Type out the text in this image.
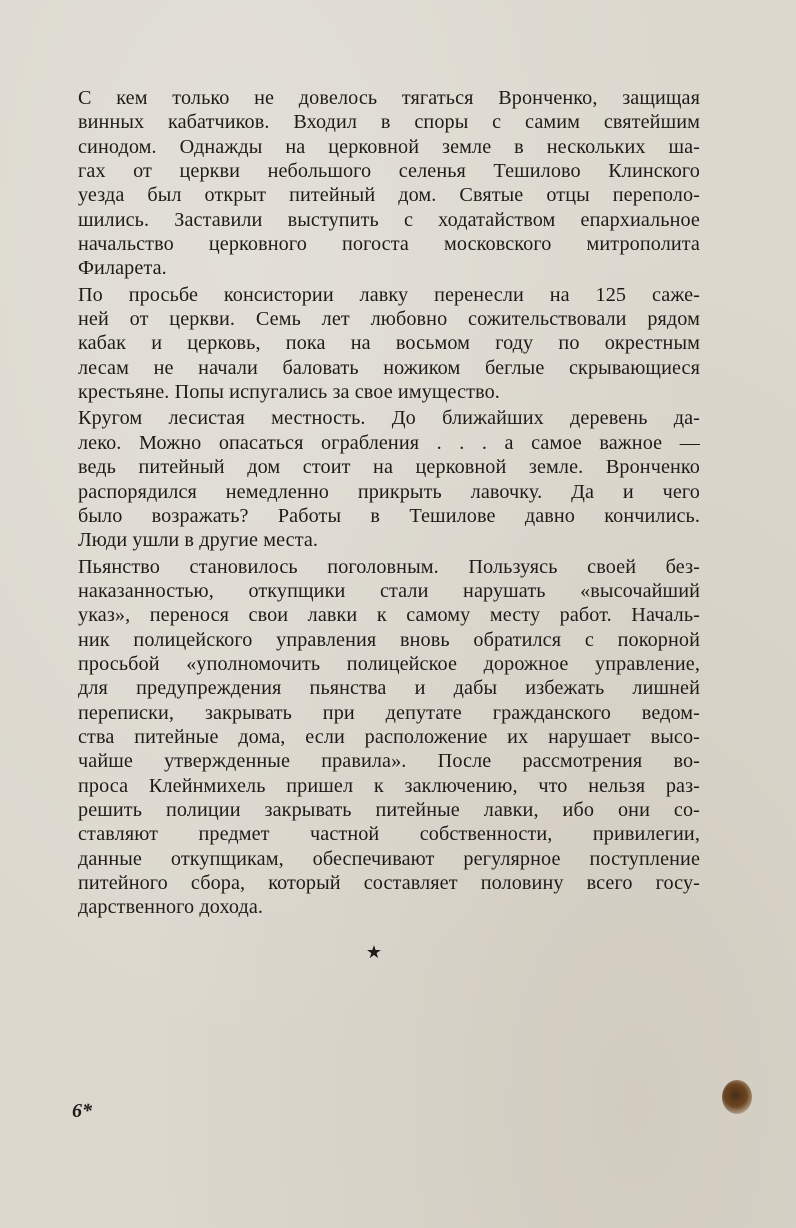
С кем только не довелось тягаться Вронченко, защищая
винных кабатчиков. Входил в споры с самим святейшим
синодом. Однажды на церковной земле в нескольких ша-
гах от церкви небольшого селенья Тешилово Клинского
уезда был открыт питейный дом. Святые отцы переполо-
шились. Заставили выступить с ходатайством епархиальное
начальство церковного погоста московского митрополита
Филарета.
По просьбе консистории лавку перенесли на 125 саже-
ней от церкви. Семь лет любовно сожительствовали рядом
кабак и церковь, пока на восьмом году по окрестным
лесам не начали баловать ножиком беглые скрывающиеся
крестьяне. Попы испугались за свое имущество.
Кругом лесистая местность. До ближайших деревень да-
леко. Можно опасаться ограбления . . . а самое важное —
ведь питейный дом стоит на церковной земле. Вронченко
распорядился немедленно прикрыть лавочку. Да и чего
было возражать? Работы в Тешилове давно кончились.
Люди ушли в другие места.
Пьянство становилось поголовным. Пользуясь своей без-
наказанностью, откупщики стали нарушать «высочайший
указ», перенося свои лавки к самому месту работ. Началь-
ник полицейского управления вновь обратился с покорной
просьбой «уполномочить полицейское дорожное управление,
для предупреждения пьянства и дабы избежать лишней
переписки, закрывать при депутате гражданского ведом-
ства питейные дома, если расположение их нарушает высо-
чайше утвержденные правила». После рассмотрения во-
проса Клейнмихель пришел к заключению, что нельзя раз-
решить полиции закрывать питейные лавки, ибо они со-
ставляют предмет частной собственности, привилегии,
данные откупщикам, обеспечивают регулярное поступление
питейного сбора, который составляет половину всего госу-
дарственного дохода.
★
6*
